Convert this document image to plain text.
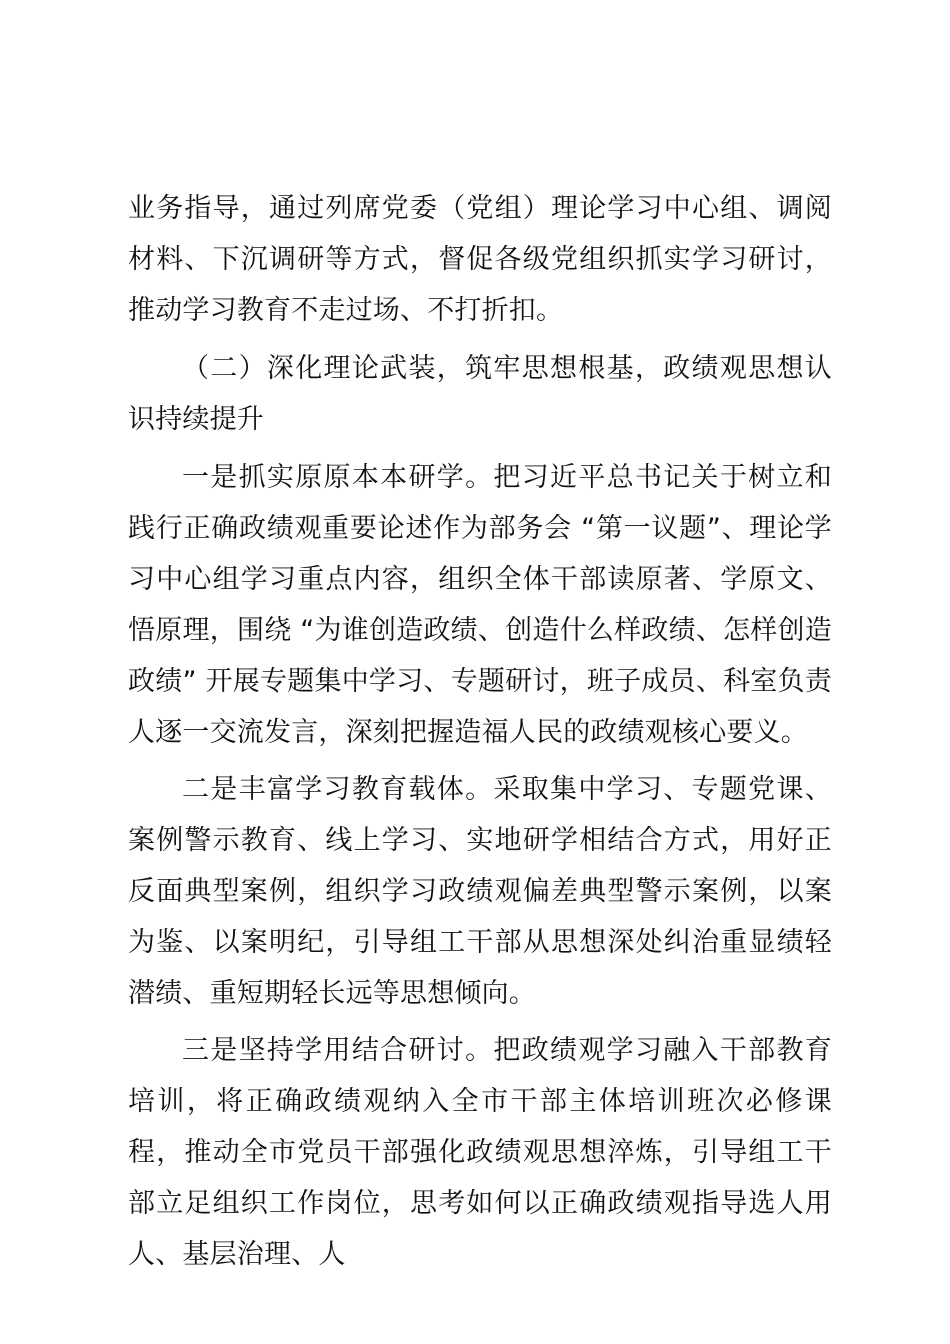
业务指导，通过列席党委（党组）理论学习中心组、调阅材料、下沉调研等方式，督促各级党组织抓实学习研讨，推动学习教育不走过场、不打折扣。

（二）深化理论武装，筑牢思想根基，政绩观思想认识持续提升

一是抓实原原本本研学。把习近平总书记关于树立和践行正确政绩观重要论述作为部务会 “第一议题”、理论学习中心组学习重点内容，组织全体干部读原著、学原文、悟原理，围绕 “为谁创造政绩、创造什么样政绩、怎样创造政绩” 开展专题集中学习、专题研讨，班子成员、科室负责人逐一交流发言，深刻把握造福人民的政绩观核心要义。

二是丰富学习教育载体。采取集中学习、专题党课、案例警示教育、线上学习、实地研学相结合方式，用好正反面典型案例，组织学习政绩观偏差典型警示案例，以案为鉴、以案明纪，引导组工干部从思想深处纠治重显绩轻潜绩、重短期轻长远等思想倾向。

三是坚持学用结合研讨。把政绩观学习融入干部教育培训，将正确政绩观纳入全市干部主体培训班次必修课程，推动全市党员干部强化政绩观思想淬炼，引导组工干部立足组织工作岗位，思考如何以正确政绩观指导选人用人、基层治理、人
